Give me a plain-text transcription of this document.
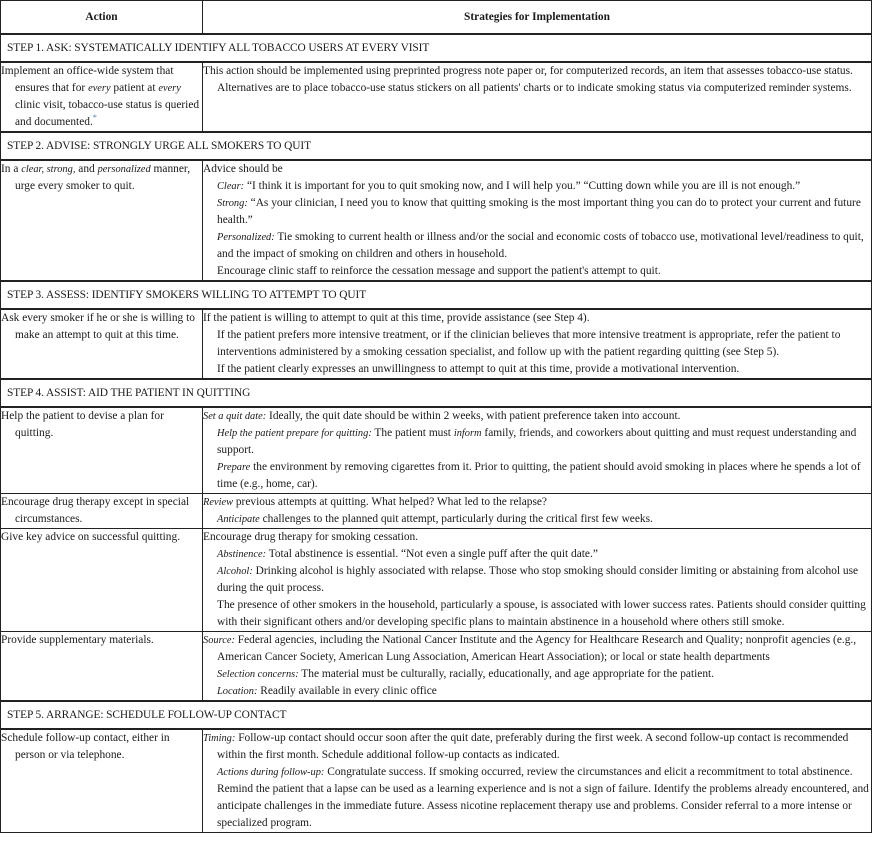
Action	Strategies for Implementation
STEP 1. ASK: SYSTEMATICALLY IDENTIFY ALL TOBACCO USERS AT EVERY VISIT	

Implement an office-wide system that ensures that for every patient at every clinic visit, tobacco-use status is queried and documented.*	This action should be implemented using preprinted progress note paper or, for computerized records, an item that assesses tobacco-use status.
Alternatives are to place tobacco-use status stickers on all patients' charts or to indicate smoking status via computerized reminder systems.

STEP 2. ADVISE: STRONGLY URGE ALL SMOKERS TO QUIT	

In a clear, strong, and personalized manner, urge every smoker to quit.	Advice should be
Clear: “I think it is important for you to quit smoking now, and I will help you.” “Cutting down while you are ill is not enough.”
Strong: “As your clinician, I need you to know that quitting smoking is the most important thing you can do to protect your current and future health.”
Personalized: Tie smoking to current health or illness and/or the social and economic costs of tobacco use, motivational level/readiness to quit, and the impact of smoking on children and others in household.
Encourage clinic staff to reinforce the cessation message and support the patient's attempt to quit.

STEP 3. ASSESS: IDENTIFY SMOKERS WILLING TO ATTEMPT TO QUIT	

Ask every smoker if he or she is willing to make an attempt to quit at this time.	If the patient is willing to attempt to quit at this time, provide assistance (see Step 4).
If the patient prefers more intensive treatment, or if the clinician believes that more intensive treatment is appropriate, refer the patient to interventions administered by a smoking cessation specialist, and follow up with the patient regarding quitting (see Step 5).
If the patient clearly expresses an unwillingness to attempt to quit at this time, provide a motivational intervention.

STEP 4. ASSIST: AID THE PATIENT IN QUITTING	

Help the patient to devise a plan for quitting.	Set a quit date: Ideally, the quit date should be within 2 weeks, with patient preference taken into account.
Help the patient prepare for quitting: The patient must inform family, friends, and coworkers about quitting and must request understanding and support.
Prepare the environment by removing cigarettes from it. Prior to quitting, the patient should avoid smoking in places where he spends a lot of time (e.g., home, car).

Encourage drug therapy except in special circumstances.	Review previous attempts at quitting. What helped? What led to the relapse?
Anticipate challenges to the planned quit attempt, particularly during the critical first few weeks.

Give key advice on successful quitting.	Encourage drug therapy for smoking cessation.
Abstinence: Total abstinence is essential. “Not even a single puff after the quit date.”
Alcohol: Drinking alcohol is highly associated with relapse. Those who stop smoking should consider limiting or abstaining from alcohol use during the quit process.
The presence of other smokers in the household, particularly a spouse, is associated with lower success rates. Patients should consider quitting with their significant others and/or developing specific plans to maintain abstinence in a household where others still smoke.

Provide supplementary materials.	Source: Federal agencies, including the National Cancer Institute and the Agency for Healthcare Research and Quality; nonprofit agencies (e.g., American Cancer Society, American Lung Association, American Heart Association); or local or state health departments
Selection concerns: The material must be culturally, racially, educationally, and age appropriate for the patient.
Location: Readily available in every clinic office

STEP 5. ARRANGE: SCHEDULE FOLLOW-UP CONTACT	

Schedule follow-up contact, either in person or via telephone.	Timing: Follow-up contact should occur soon after the quit date, preferably during the first week. A second follow-up contact is recommended within the first month. Schedule additional follow-up contacts as indicated.
Actions during follow-up: Congratulate success. If smoking occurred, review the circumstances and elicit a recommitment to total abstinence. Remind the patient that a lapse can be used as a learning experience and is not a sign of failure. Identify the problems already encountered, and anticipate challenges in the immediate future. Assess nicotine replacement therapy use and problems. Consider referral to a more intense or specialized program.
